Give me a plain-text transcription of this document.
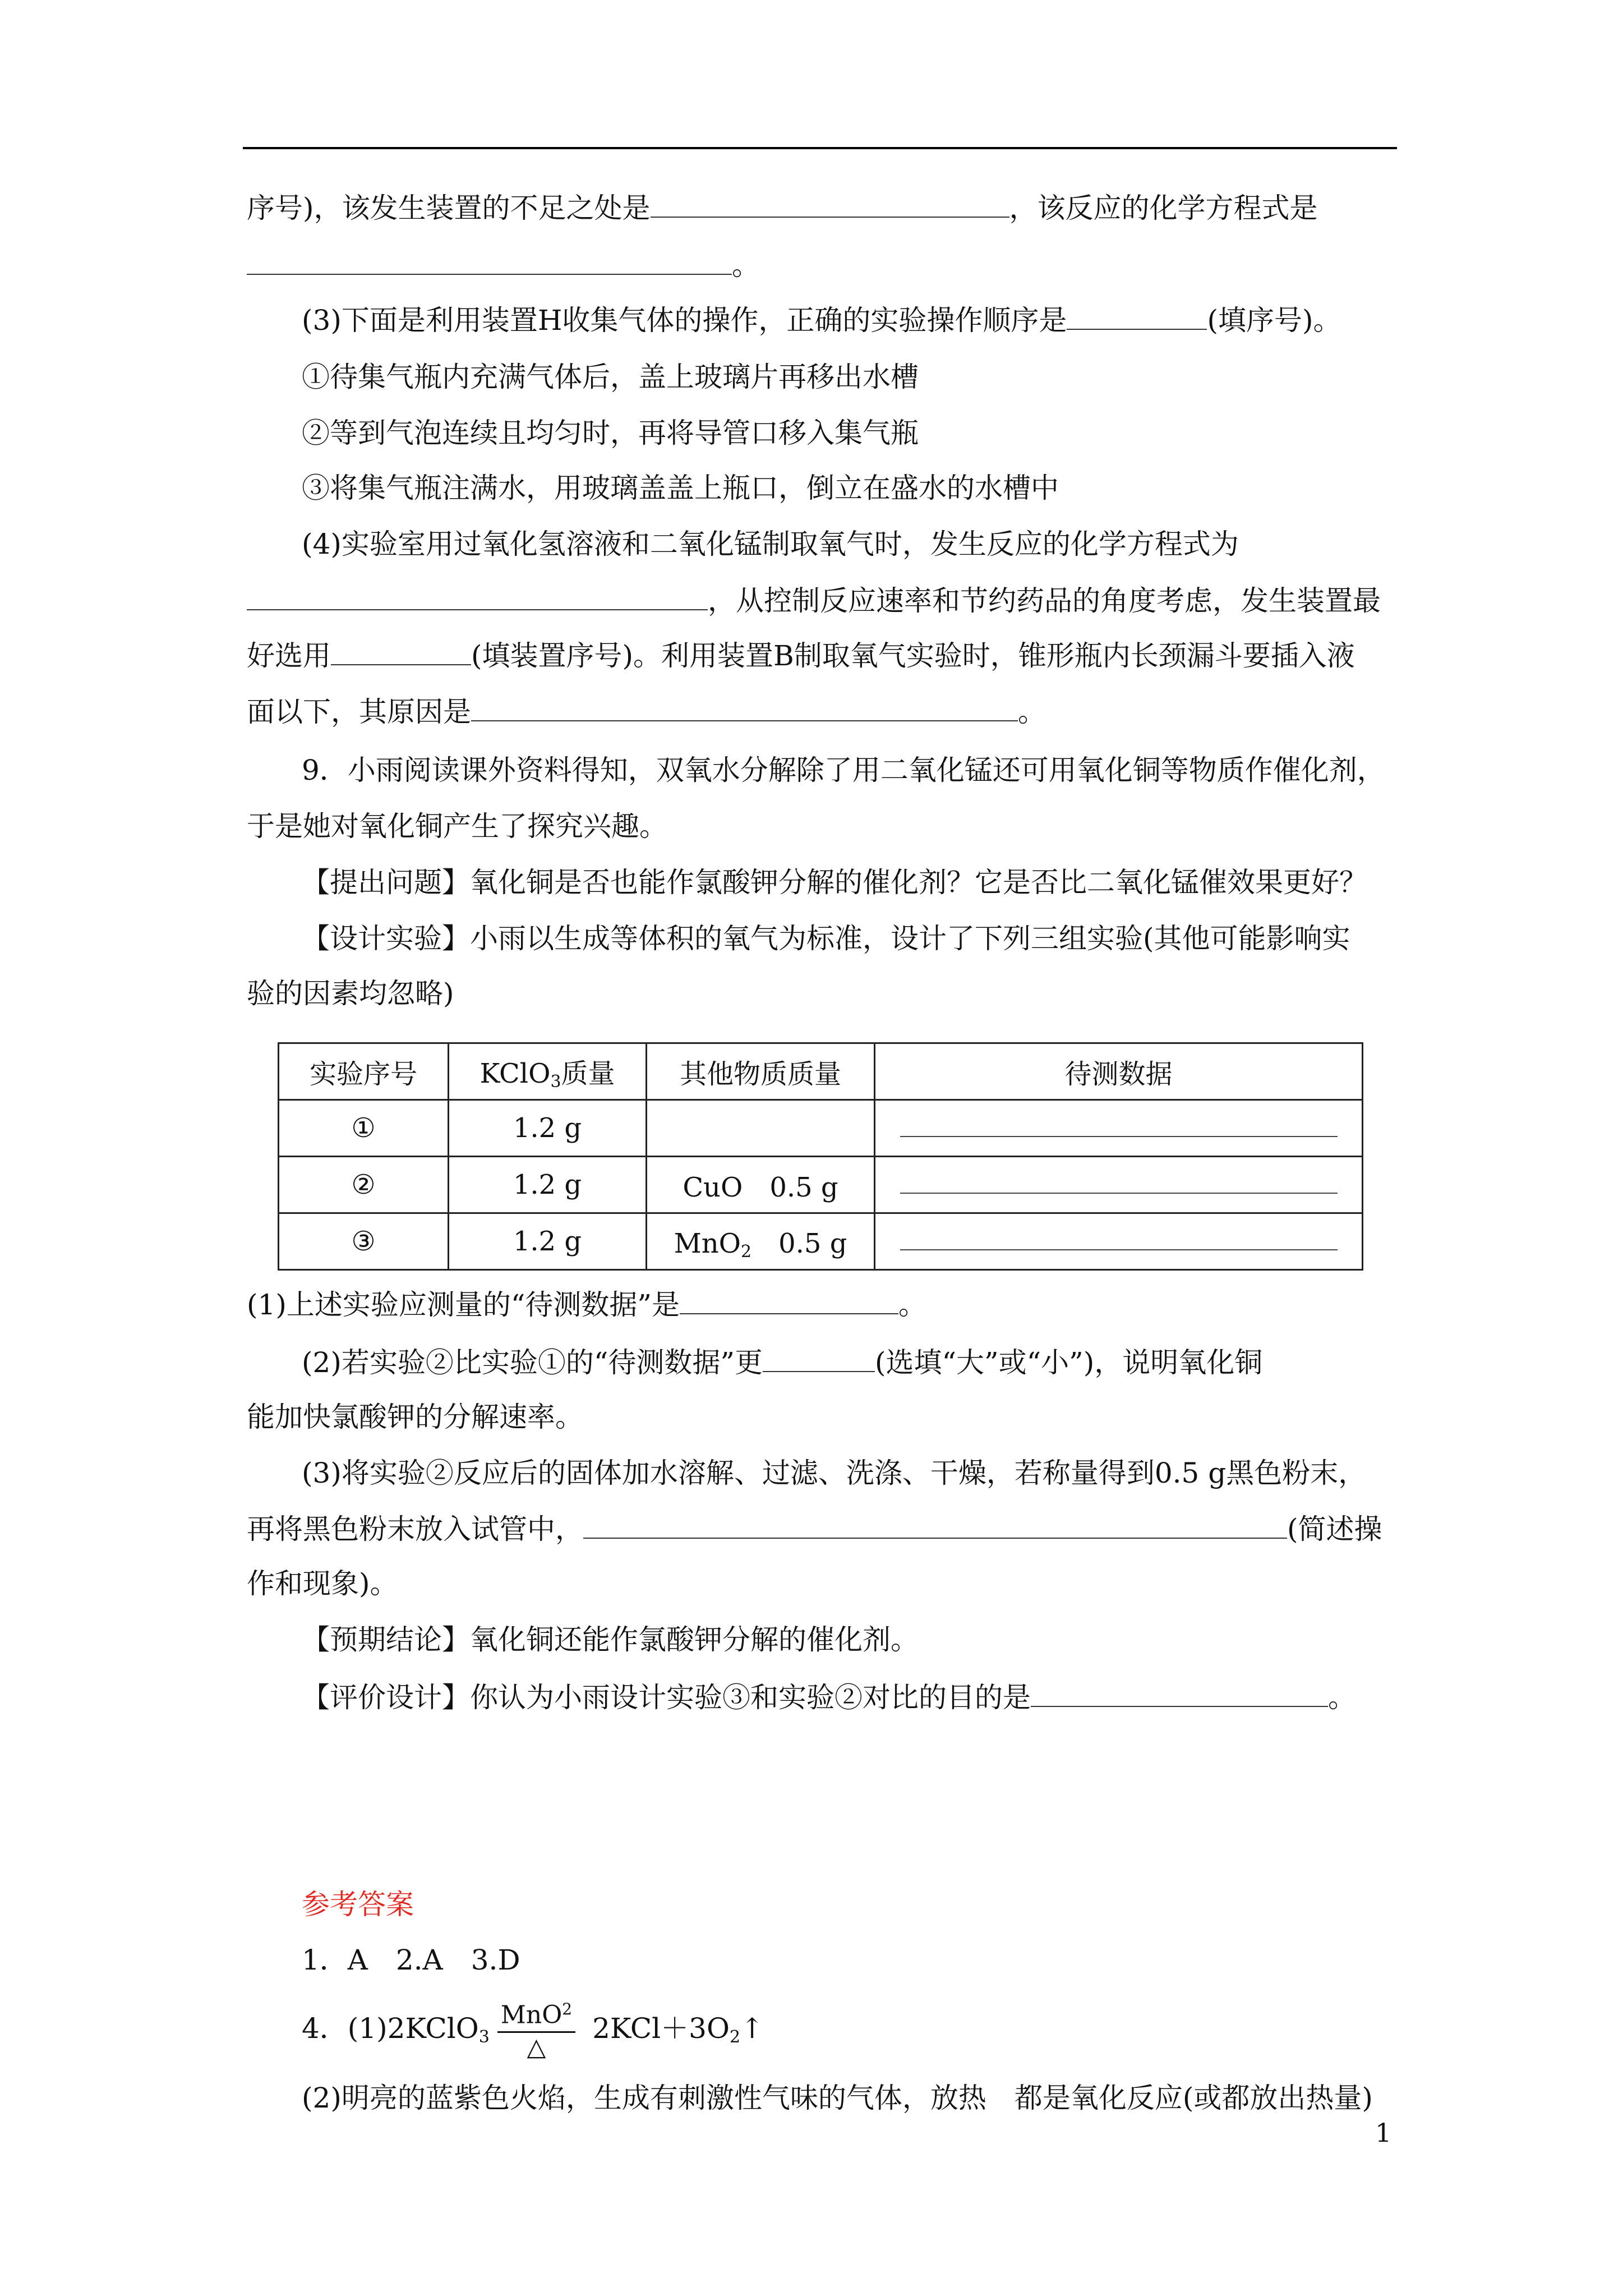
序号)，该发生装置的不足之处是	，该反应的化学方程式是
。
(3)下面是利用装置H收集气体的操作，正确的实验操作顺序是	(填序号)。
①待集气瓶内充满气体后，盖上玻璃片再移出水槽
②等到气泡连续且均匀时，再将导管口移入集气瓶
③将集气瓶注满水，用玻璃盖盖上瓶口，倒立在盛水的水槽中
(4)实验室用过氧化氢溶液和二氧化锰制取氧气时，发生反应的化学方程式为
，从控制反应速率和节约药品的角度考虑，发生装置最
好选用	(填装置序号)。利用装置B制取氧气实验时，锥形瓶内长颈漏斗要插入液
面以下，其原因是	。
9．小雨阅读课外资料得知，双氧水分解除了用二氧化锰还可用氧化铜等物质作催化剂，
于是她对氧化铜产生了探究兴趣。
【提出问题】氧化铜是否也能作氯酸钾分解的催化剂？它是否比二氧化锰催效果更好？
【设计实验】小雨以生成等体积的氧气为标准，设计了下列三组实验(其他可能影响实
验的因素均忽略)
实验序号	KClO$_3$质量	其他物质质量	待测数据
①	1.2 g		
②	1.2 g	CuO　0.5 g	
③	1.2 g	MnO$_2$　0.5 g	
(1)上述实验应测量的“待测数据”是	。
(2)若实验②比实验①的“待测数据”更	(选填“大”或“小”)，说明氧化铜
能加快氯酸钾的分解速率。
(3)将实验②反应后的固体加水溶解、过滤、洗涤、干燥，若称量得到0.5 g黑色粉末，
再将黑色粉末放入试管中，	(简述操
作和现象)。
【预期结论】氧化铜还能作氯酸钾分解的催化剂。
【评价设计】你认为小雨设计实验③和实验②对比的目的是	。
参考答案
1．A　2.A　3.D
4．(1)2KClO$_3$ $\frac{MnO^2}{\triangle}$ $2KCl+3O_2↑$
(2)明亮的蓝紫色火焰，生成有刺激性气味的气体，放热　都是氧化反应(或都放出热量)
1
